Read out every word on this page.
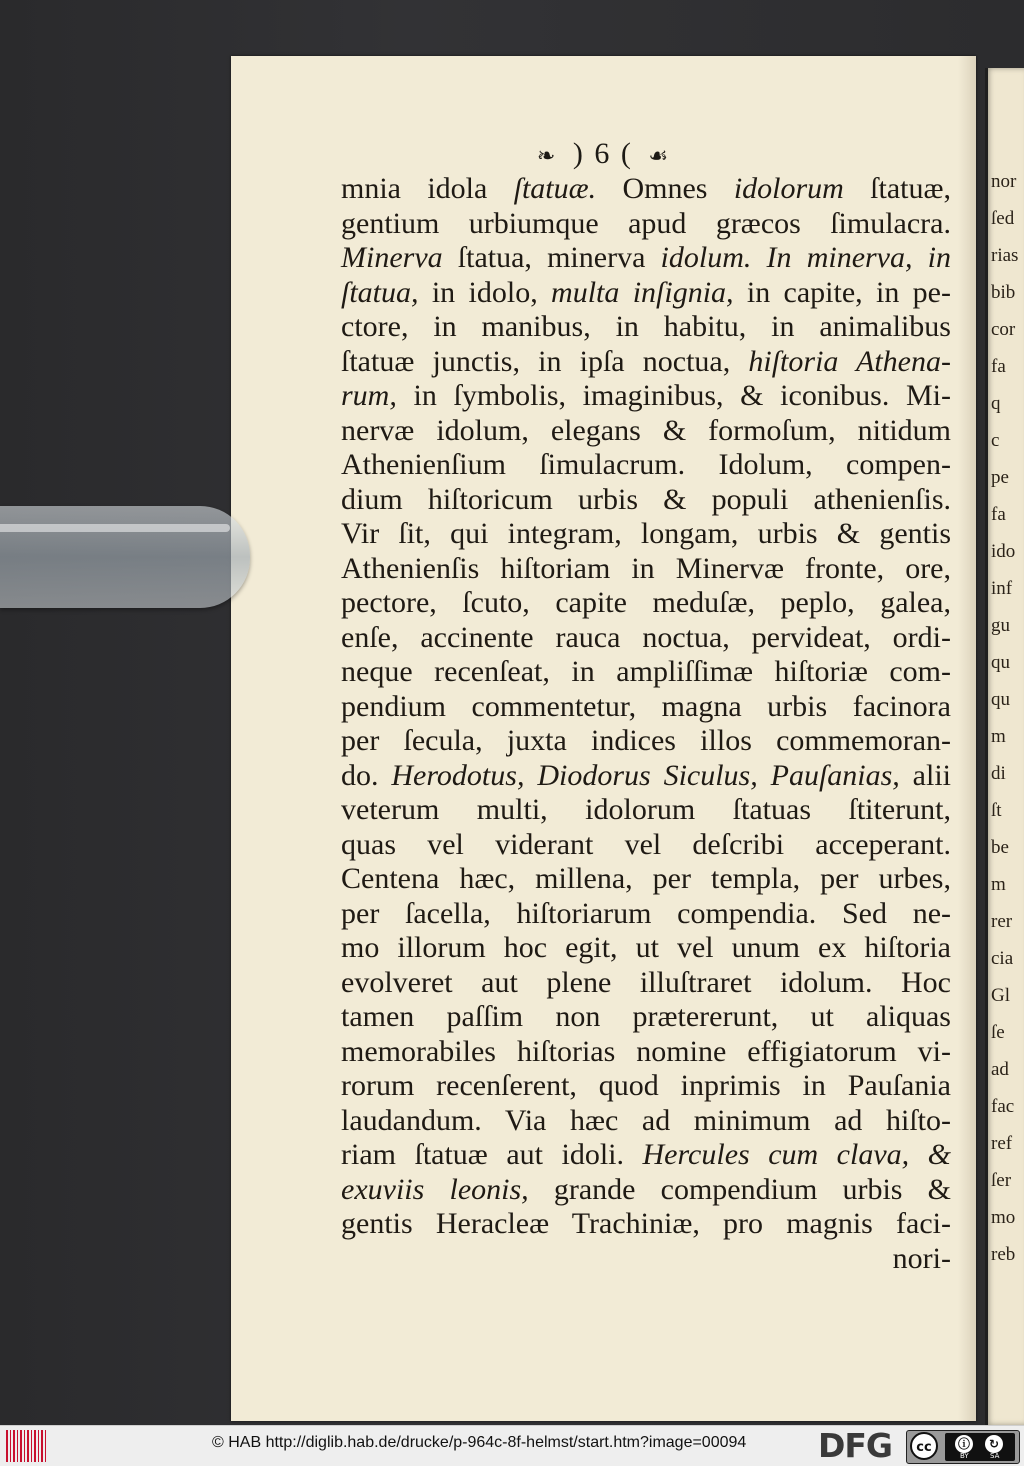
nor
ſed
rias
bib
cor
fa
q
c
pe
fa
ido
inf
gu
qu
qu
m
di
ſt
be
m
rer
cia
Gl
ſe
ad
fac
ref
ſer
mo
reb
❧ ) 6 ( ☙
mnia idola ſtatuæ. Omnes idolorum ſtatuæ,
gentium urbiumque apud græcos ſimulacra.
Minerva ſtatua, minerva idolum. In minerva, in
ſtatua, in idolo, multa inſignia, in capite, in pe-
ctore, in manibus, in habitu, in animalibus
ſtatuæ junctis, in ipſa noctua, hiſtoria Athena-
rum, in ſymbolis, imaginibus, & iconibus. Mi-
nervæ idolum, elegans & formoſum, nitidum
Athenienſium ſimulacrum. Idolum, compen-
dium hiſtoricum urbis & populi athenienſis.
Vir ſit, qui integram, longam, urbis & gentis
Athenienſis hiſtoriam in Minervæ fronte, ore,
pectore, ſcuto, capite meduſæ, peplo, galea,
enſe, accinente rauca noctua, pervideat, ordi-
neque recenſeat, in ampliſſimæ hiſtoriæ com-
pendium commentetur, magna urbis facinora
per ſecula, juxta indices illos commemoran-
do. Herodotus, Diodorus Siculus, Pauſanias, alii
veterum multi, idolorum ſtatuas ſtiterunt,
quas vel viderant vel deſcribi acceperant.
Centena hæc, millena, per templa, per urbes,
per ſacella, hiſtoriarum compendia. Sed ne-
mo illorum hoc egit, ut vel unum ex hiſtoria
evolveret aut plene illuſtraret idolum. Hoc
tamen paſſim non prætererunt, ut aliquas
memorabiles hiſtorias nomine effigiatorum vi-
rorum recenſerent, quod inprimis in Pauſania
laudandum. Via hæc ad minimum ad hiſto-
riam ſtatuæ aut idoli. Hercules cum clava, &
exuviis leonis, grande compendium urbis &
gentis Heracleæ Trachiniæ, pro magnis faci-
nori-
© HAB http://diglib.hab.de/drucke/p-964c-8f-helmst/start.htm?image=00094 DFG	cc	ⓘ	↻
BY	SA
